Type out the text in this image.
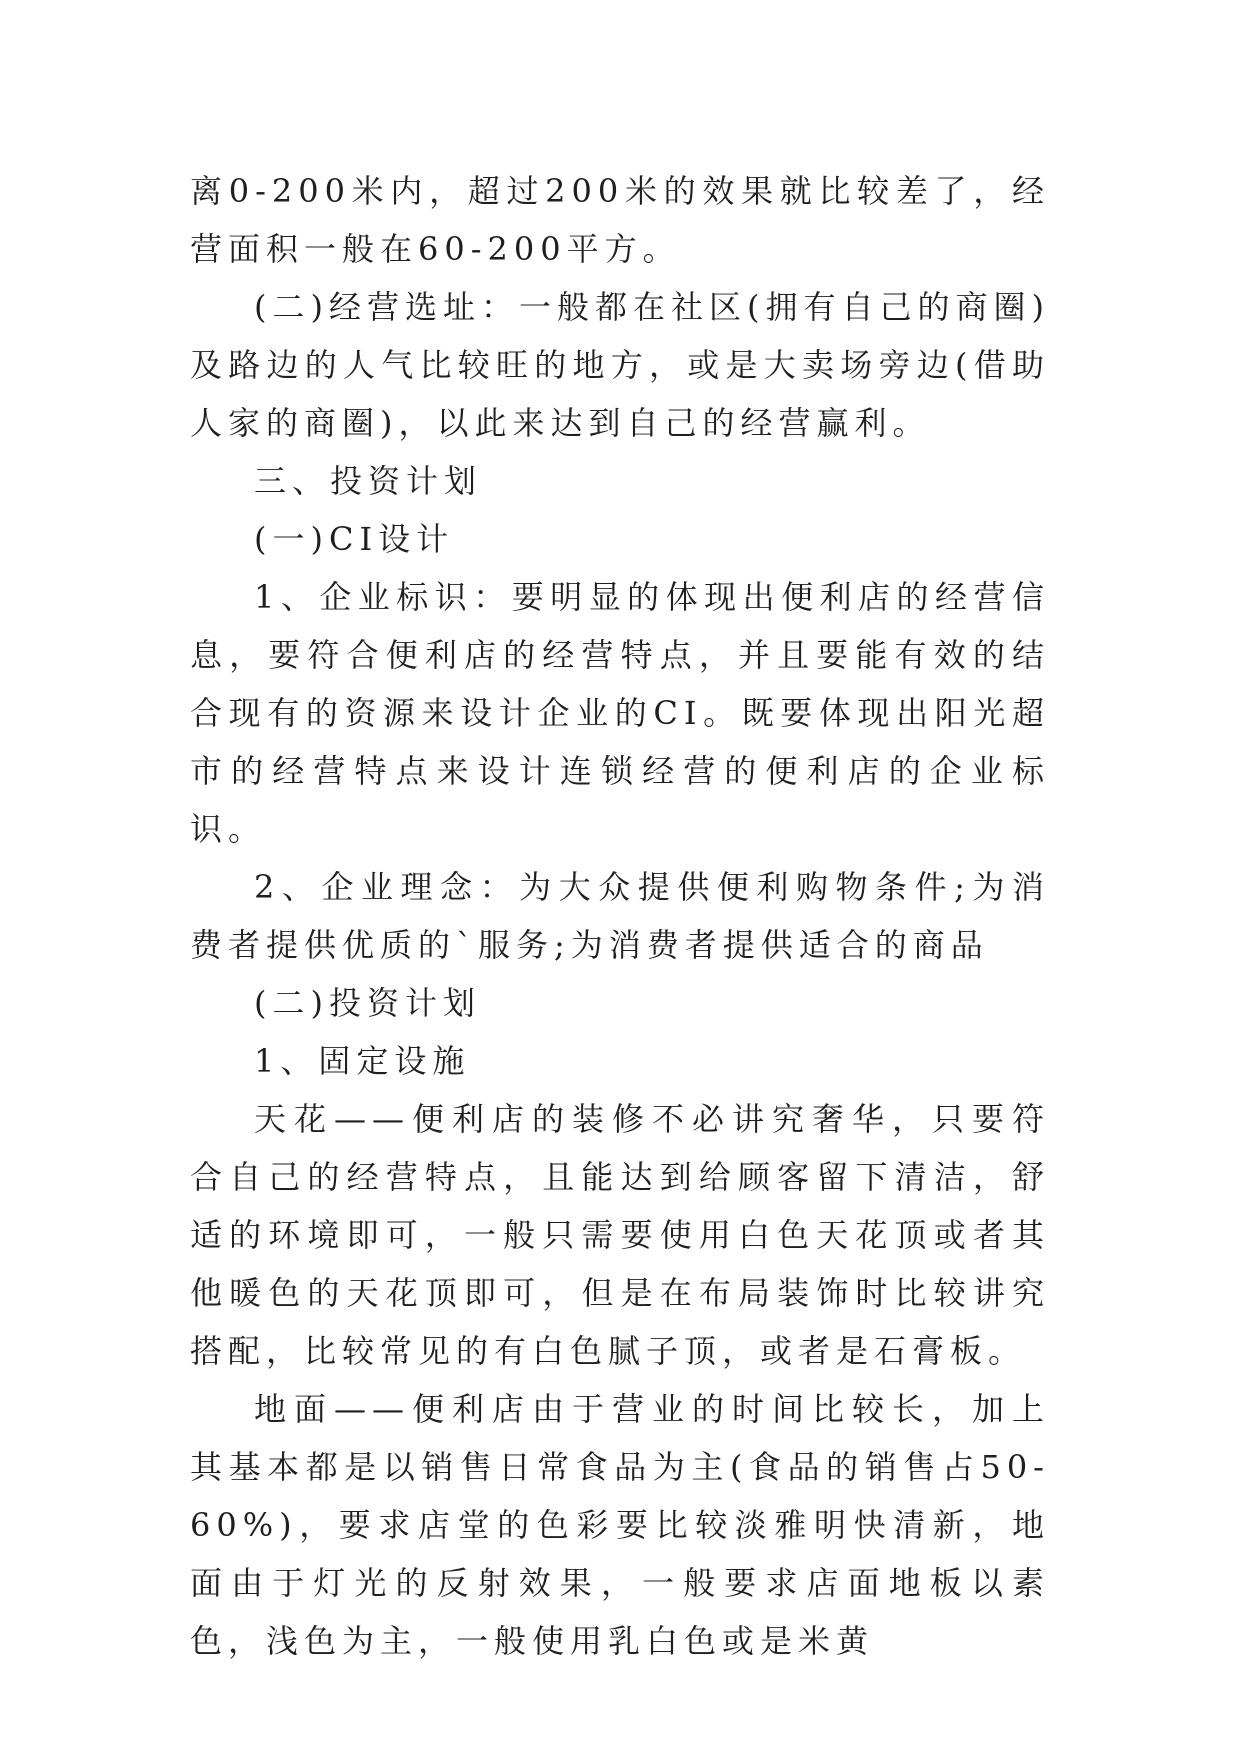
离0-200米内，超过200米的效果就比较差了，经营面积一般在60-200平方。

(二)经营选址：一般都在社区(拥有自己的商圈)及路边的人气比较旺的地方，或是大卖场旁边(借助人家的商圈)，以此来达到自己的经营赢利。

三、投资计划

(一)CI设计

1、企业标识：要明显的体现出便利店的经营信息，要符合便利店的经营特点，并且要能有效的结合现有的资源来设计企业的CI。既要体现出阳光超市的经营特点来设计连锁经营的便利店的企业标识。

2、企业理念：为大众提供便利购物条件;为消费者提供优质的`服务;为消费者提供适合的商品

(二)投资计划

1、固定设施

天花——便利店的装修不必讲究奢华，只要符合自己的经营特点，且能达到给顾客留下清洁，舒适的环境即可，一般只需要使用白色天花顶或者其他暖色的天花顶即可，但是在布局装饰时比较讲究搭配，比较常见的有白色腻子顶，或者是石膏板。

地面——便利店由于营业的时间比较长，加上其基本都是以销售日常食品为主(食品的销售占50-60%)，要求店堂的色彩要比较淡雅明快清新，地面由于灯光的反射效果，一般要求店面地板以素色，浅色为主，一般使用乳白色或是米黄
